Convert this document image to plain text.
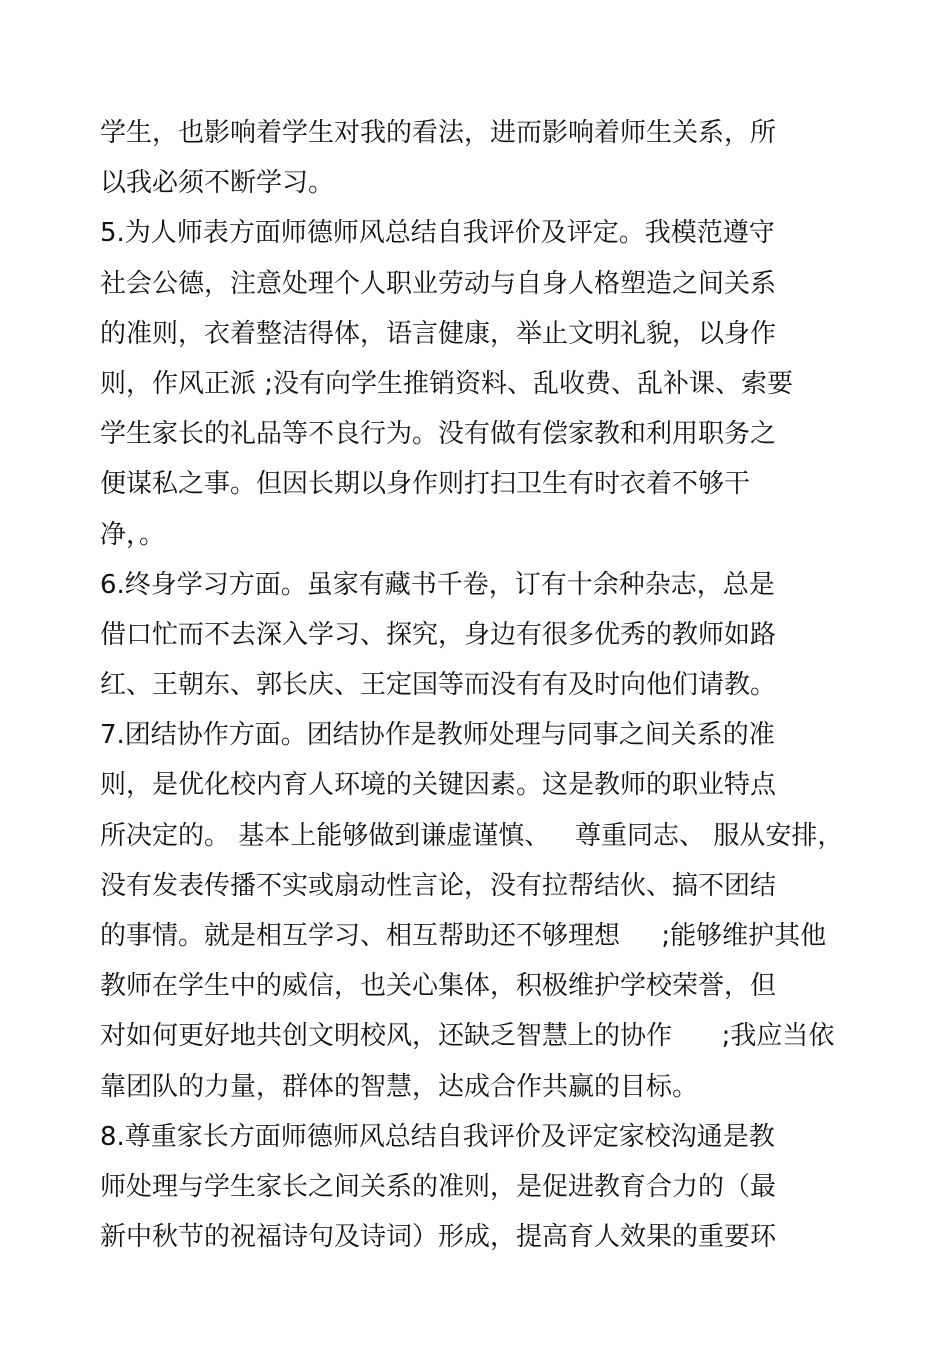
学生，也影响着学生对我的看法，进而影响着师生关系，所
以我必须不断学习。
5.为人师表方面师德师风总结自我评价及评定。我模范遵守
社会公德，注意处理个人职业劳动与自身人格塑造之间关系
的准则，衣着整洁得体，语言健康，举止文明礼貌，以身作
则，作风正派 ;没有向学生推销资料、乱收费、乱补课、索要
学生家长的礼品等不良行为。没有做有偿家教和利用职务之
便谋私之事。但因长期以身作则打扫卫生有时衣着不够干
净，。
6.终身学习方面。虽家有藏书千卷，订有十余种杂志，总是
借口忙而不去深入学习、探究，身边有很多优秀的教师如路
红、王朝东、郭长庆、王定国等而没有有及时向他们请教。
7.团结协作方面。团结协作是教师处理与同事之间关系的准
则，是优化校内育人环境的关键因素。这是教师的职业特点
所决定的。 基本上能够做到谦虚谨慎、   尊重同志、 服从安排，
没有发表传播不实或扇动性言论，没有拉帮结伙、搞不团结
的事情。就是相互学习、相互帮助还不够理想     ;能够维护其他
教师在学生中的威信，也关心集体，积极维护学校荣誉，但
对如何更好地共创文明校风，还缺乏智慧上的协作      ;我应当依
靠团队的力量，群体的智慧，达成合作共赢的目标。
8.尊重家长方面师德师风总结自我评价及评定家校沟通是教
师处理与学生家长之间关系的准则，是促进教育合力的（最
新中秋节的祝福诗句及诗词）形成，提高育人效果的重要环
